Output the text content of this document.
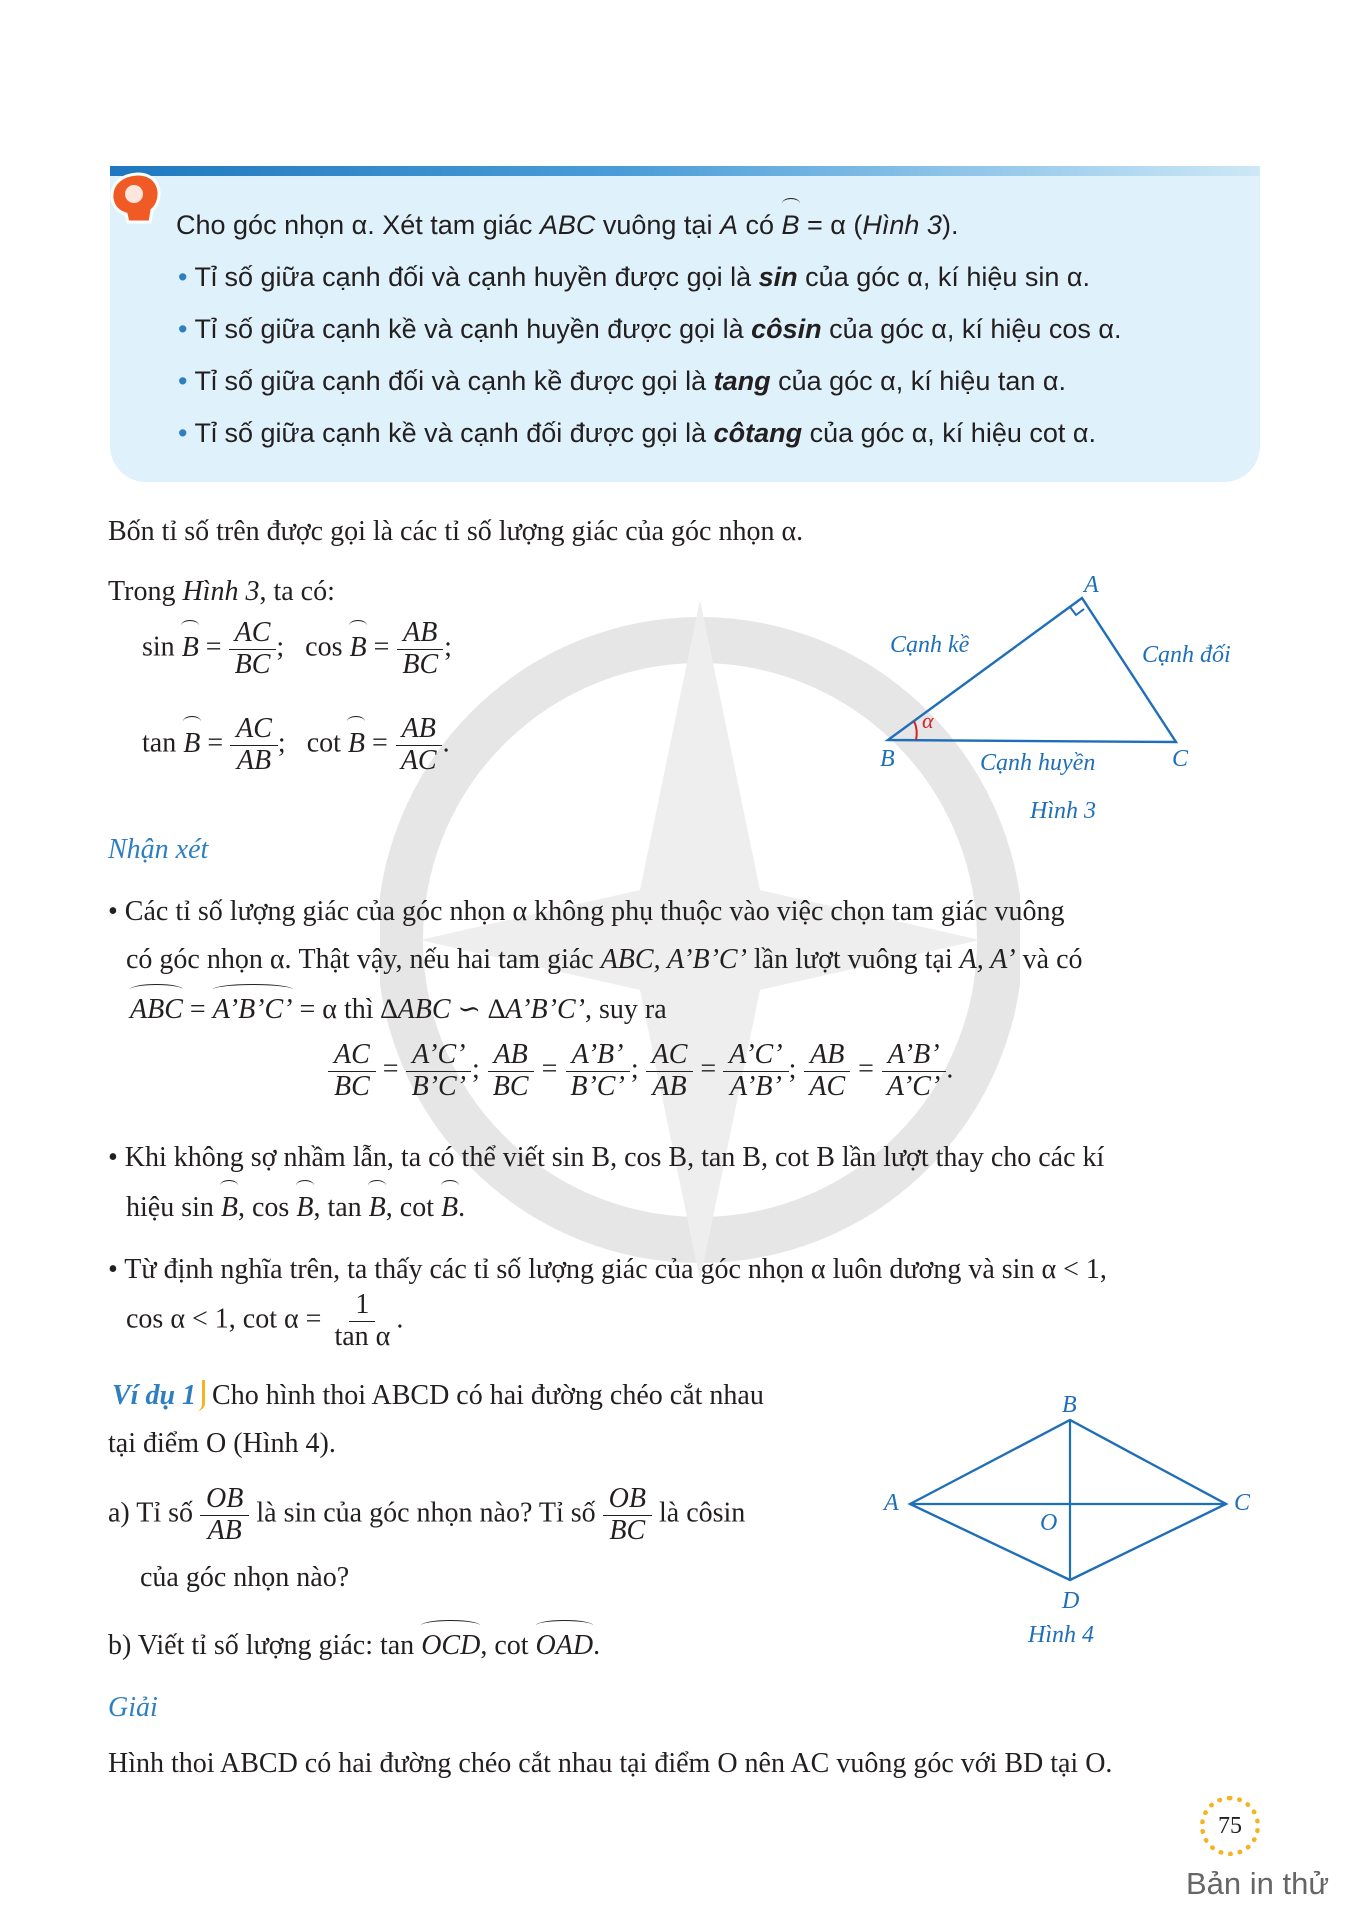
Cho góc nhọn α. Xét tam giác ABC vuông tại A có B = α (Hình 3).
• Tỉ số giữa cạnh đối và cạnh huyền được gọi là sin của góc α, kí hiệu sin α.
• Tỉ số giữa cạnh kề và cạnh huyền được gọi là côsin của góc α, kí hiệu cos α.
• Tỉ số giữa cạnh đối và cạnh kề được gọi là tang của góc α, kí hiệu tan α.
• Tỉ số giữa cạnh kề và cạnh đối được gọi là côtang của góc α, kí hiệu cot α.
Bốn tỉ số trên được gọi là các tỉ số lượng giác của góc nhọn α.
Trong Hình 3, ta có:
$\sin B = \frac{AC}{BC}$ ; $\cos B = \frac{AB}{BC}$ ;
$\tan B = \frac{AC}{AB}$ ; $\cot B = \frac{AB}{AC}$ .
A
B	C
α
Cạnh kề	Cạnh đối
Cạnh huyền
Hình 3
Nhận xét
• Các tỉ số lượng giác của góc nhọn α không phụ thuộc vào việc chọn tam giác vuông
có góc nhọn α. Thật vậy, nếu hai tam giác ABC, A’B’C’ lần lượt vuông tại A, A’ và có
ABC = A’B’C’ = α thì ∆ABC ∽ ∆A’B’C’, suy ra
$\frac{AC}{BC} = \frac{A’C’}{B’C’}$ ; $\frac{AB}{BC} = \frac{A’B’}{B’C’}$ ; $\frac{AC}{AB} = \frac{A’C’}{A’B’}$ ; $\frac{AB}{AC} = \frac{A’B’}{A’C’}$ .
• Khi không sợ nhầm lẫn, ta có thể viết sin B, cos B, tan B, cot B lần lượt thay cho các kí
hiệu sin B, cos B, tan B, cot B.
• Từ định nghĩa trên, ta thấy các tỉ số lượng giác của góc nhọn α luôn dương và sin α < 1,
cos α < 1, $\cot \alpha = \frac{1}{\text{tan α}}$ .
Ví dụ 1 Cho hình thoi ABCD có hai đường chéo cắt nhau
tại điểm O (Hình 4).
a) Tỉ số $\frac{OB}{AB}$ là sin của góc nhọn nào? Tỉ số $\frac{OB}{BC}$ là côsin
của góc nhọn nào?
b) Viết tỉ số lượng giác: tan OCD, cot OAD.
B
A	C
D
O
Hình 4
Giải
Hình thoi ABCD có hai đường chéo cắt nhau tại điểm O nên AC vuông góc với BD tại O.
75
Bản in thử
